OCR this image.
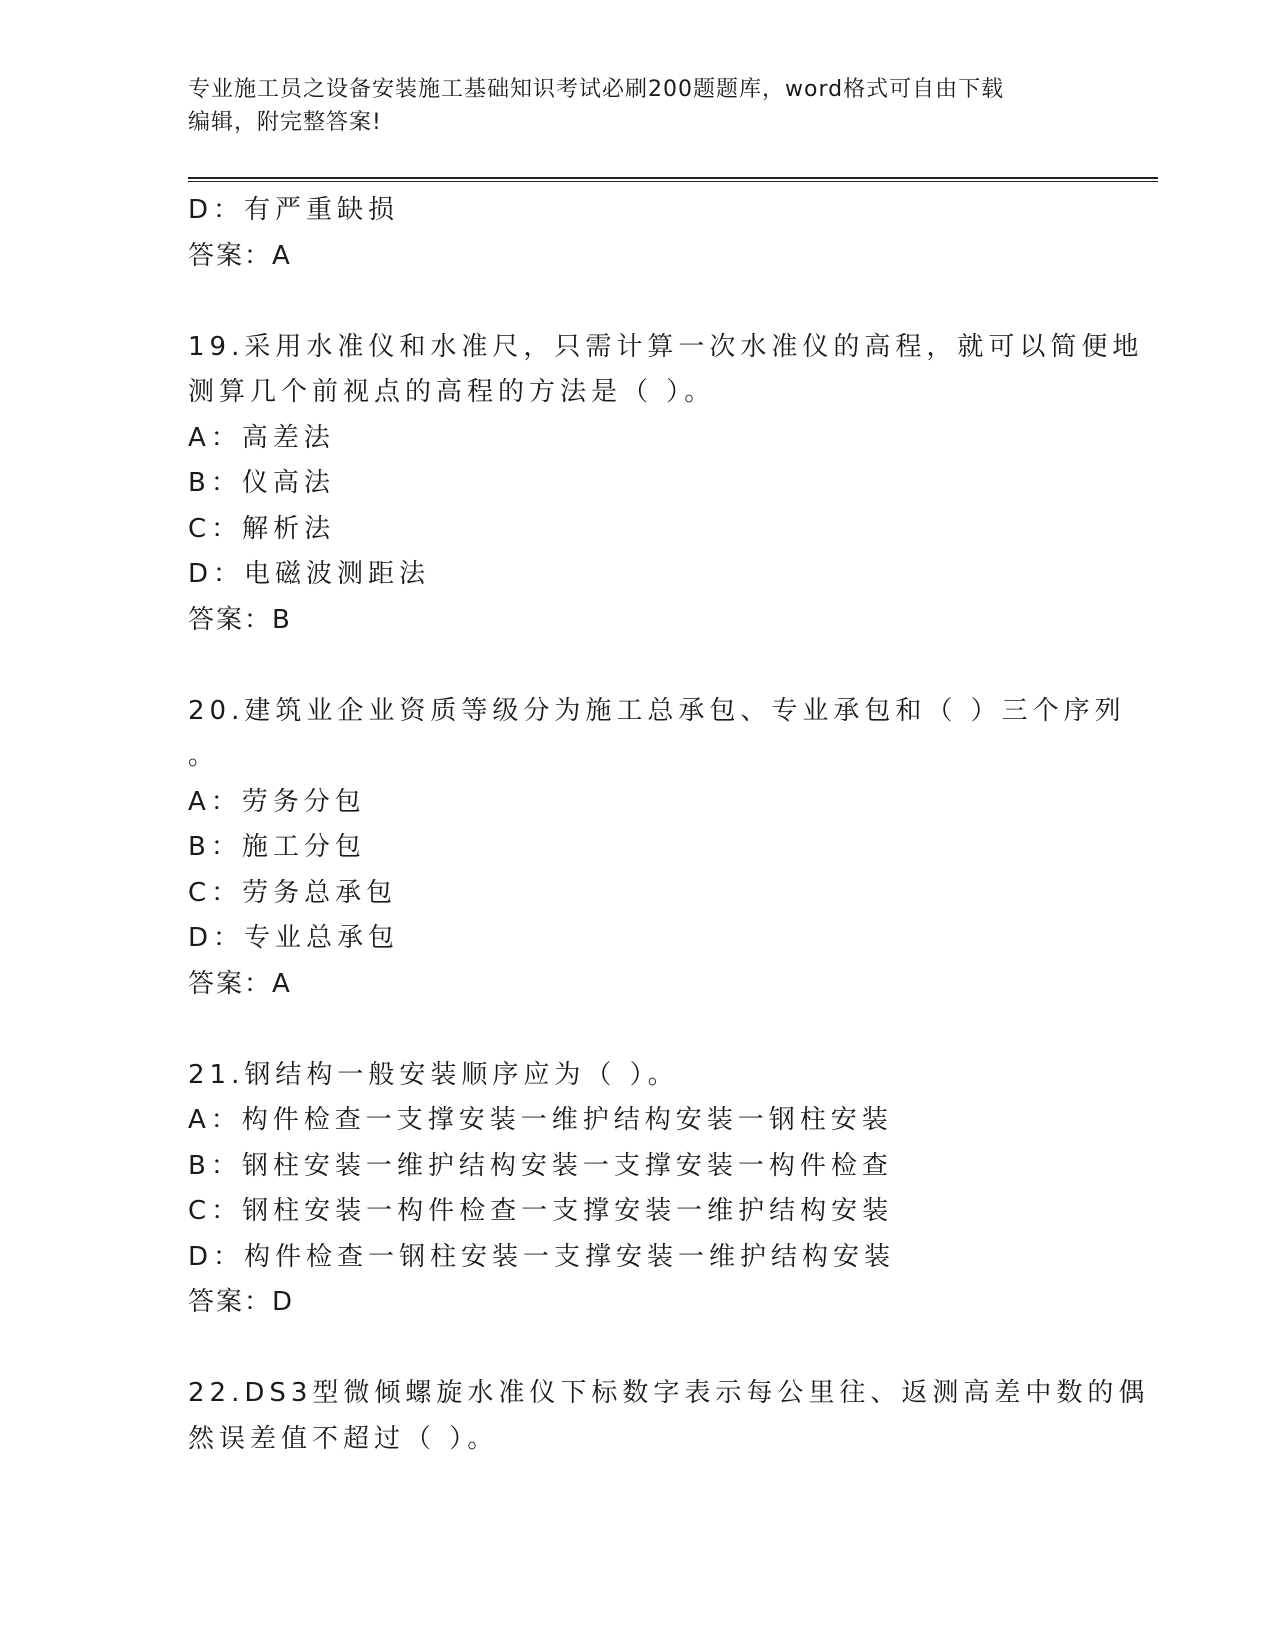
专业施工员之设备安装施工基础知识考试必刷200题题库，word格式可自由下载
编辑，附完整答案!
D：有严重缺损
答案：A
19.采用水准仪和水准尺，只需计算一次水准仪的高程，就可以简便地
测算几个前视点的高程的方法是（ ）。
A：高差法
B：仪高法
C：解析法
D：电磁波测距法
答案：B
20.建筑业企业资质等级分为施工总承包、专业承包和（ ）三个序列
。
A：劳务分包
B：施工分包
C：劳务总承包
D：专业总承包
答案：A
21.钢结构一般安装顺序应为（ ）。
A：构件检查一支撑安装一维护结构安装一钢柱安装
B：钢柱安装一维护结构安装一支撑安装一构件检查
C：钢柱安装一构件检查一支撑安装一维护结构安装
D：构件检查一钢柱安装一支撑安装一维护结构安装
答案：D
22.DS3型微倾螺旋水准仪下标数字表示每公里往、返测高差中数的偶
然误差值不超过（ ）。
